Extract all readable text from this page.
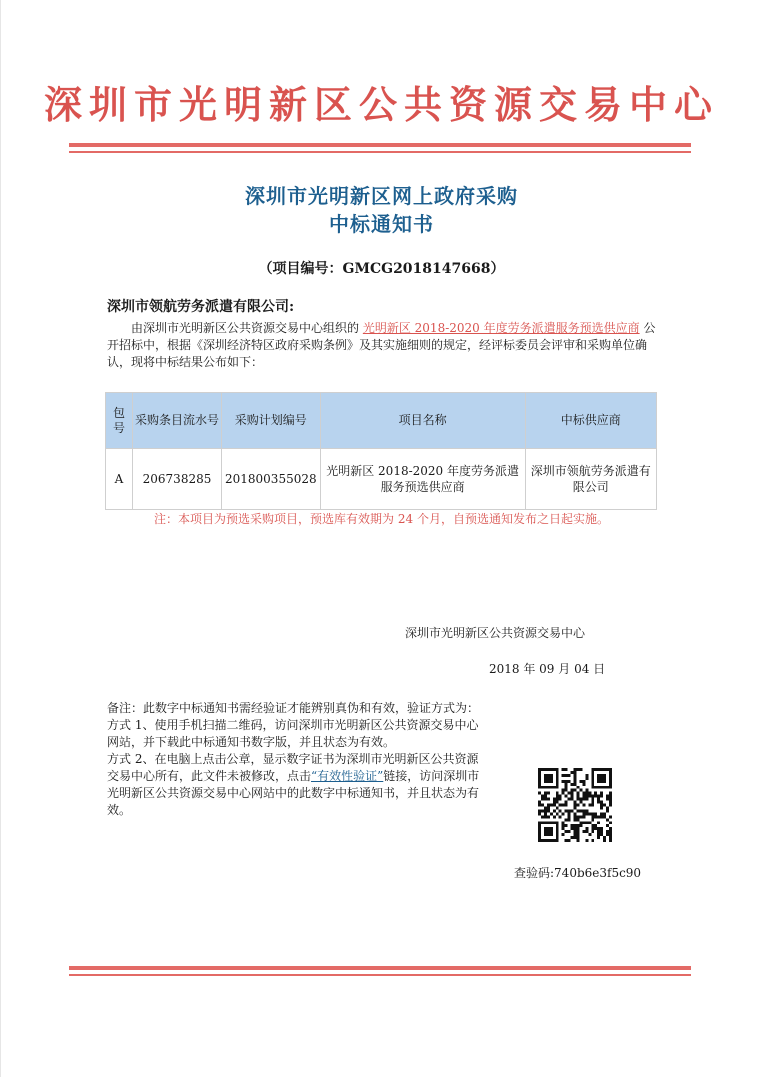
深圳市光明新区公共资源交易中心
深圳市光明新区网上政府采购
中标通知书
（项目编号：GMCG2018147668）
深圳市领航劳务派遣有限公司:
由深圳市光明新区公共资源交易中心组织的 光明新区 2018-2020 年度劳务派遣服务预选供应商 公开招标中，根据《深圳经济特区政府采购条例》及其实施细则的规定，经评标委员会评审和采购单位确认，现将中标结果公布如下：
包号	采购条目流水号	采购计划编号	项目名称	中标供应商
A	206738285	201800355028	光明新区 2018-2020 年度劳务派遣服务预选供应商	深圳市领航劳务派遣有限公司
注：本项目为预选采购项目，预选库有效期为 24 个月，自预选通知发布之日起实施。
深圳市光明新区公共资源交易中心
2018 年 09 月 04 日

备注：此数字中标通知书需经验证才能辨别真伪和有效，验证方式为：

方式 1、使用手机扫描二维码，访问深圳市光明新区公共资源交易中心网站，并下载此中标通知书数字版，并且状态为有效。

方式 2、在电脑上点击公章，显示数字证书为深圳市光明新区公共资源交易中心所有，此文件未被修改，点击“有效性验证”链接，访问深圳市光明新区公共资源交易中心网站中的此数字中标通知书，并且状态为有效。

查验码:740b6e3f5c90
